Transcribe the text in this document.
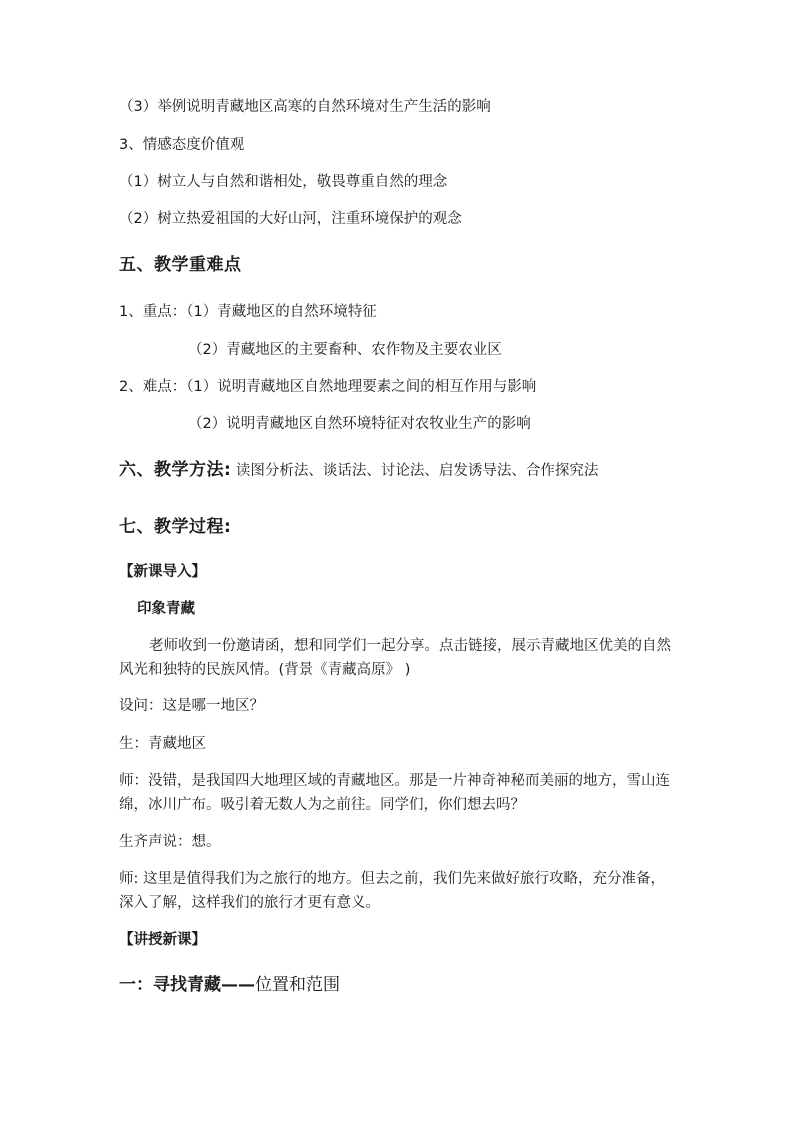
（3）举例说明青藏地区高寒的自然环境对生产生活的影响
3、情感态度价值观
（1）树立人与自然和谐相处，敬畏尊重自然的理念
（2）树立热爱祖国的大好山河，注重环境保护的观念
五、教学重难点
1、重点：（1）青藏地区的自然环境特征
（2）青藏地区的主要畜种、农作物及主要农业区
2、难点：（1）说明青藏地区自然地理要素之间的相互作用与影响
（2）说明青藏地区自然环境特征对农牧业生产的影响
六、教学方法: 读图分析法、谈话法、讨论法、启发诱导法、合作探究法
七、教学过程:
【新课导入】
印象青藏
老师收到一份邀请函，想和同学们一起分享。点击链接，展示青藏地区优美的自然风光和独特的民族风情。(背景《青藏高原》 )
设问：这是哪一地区？
生：青藏地区
师：没错，是我国四大地理区域的青藏地区。那是一片神奇神秘而美丽的地方，雪山连绵，冰川广布。吸引着无数人为之前往。同学们，你们想去吗？
生齐声说：想。
师: 这里是值得我们为之旅行的地方。但去之前，我们先来做好旅行攻略，充分准备，深入了解，这样我们的旅行才更有意义。
【讲授新课】
一：寻找青藏——位置和范围
